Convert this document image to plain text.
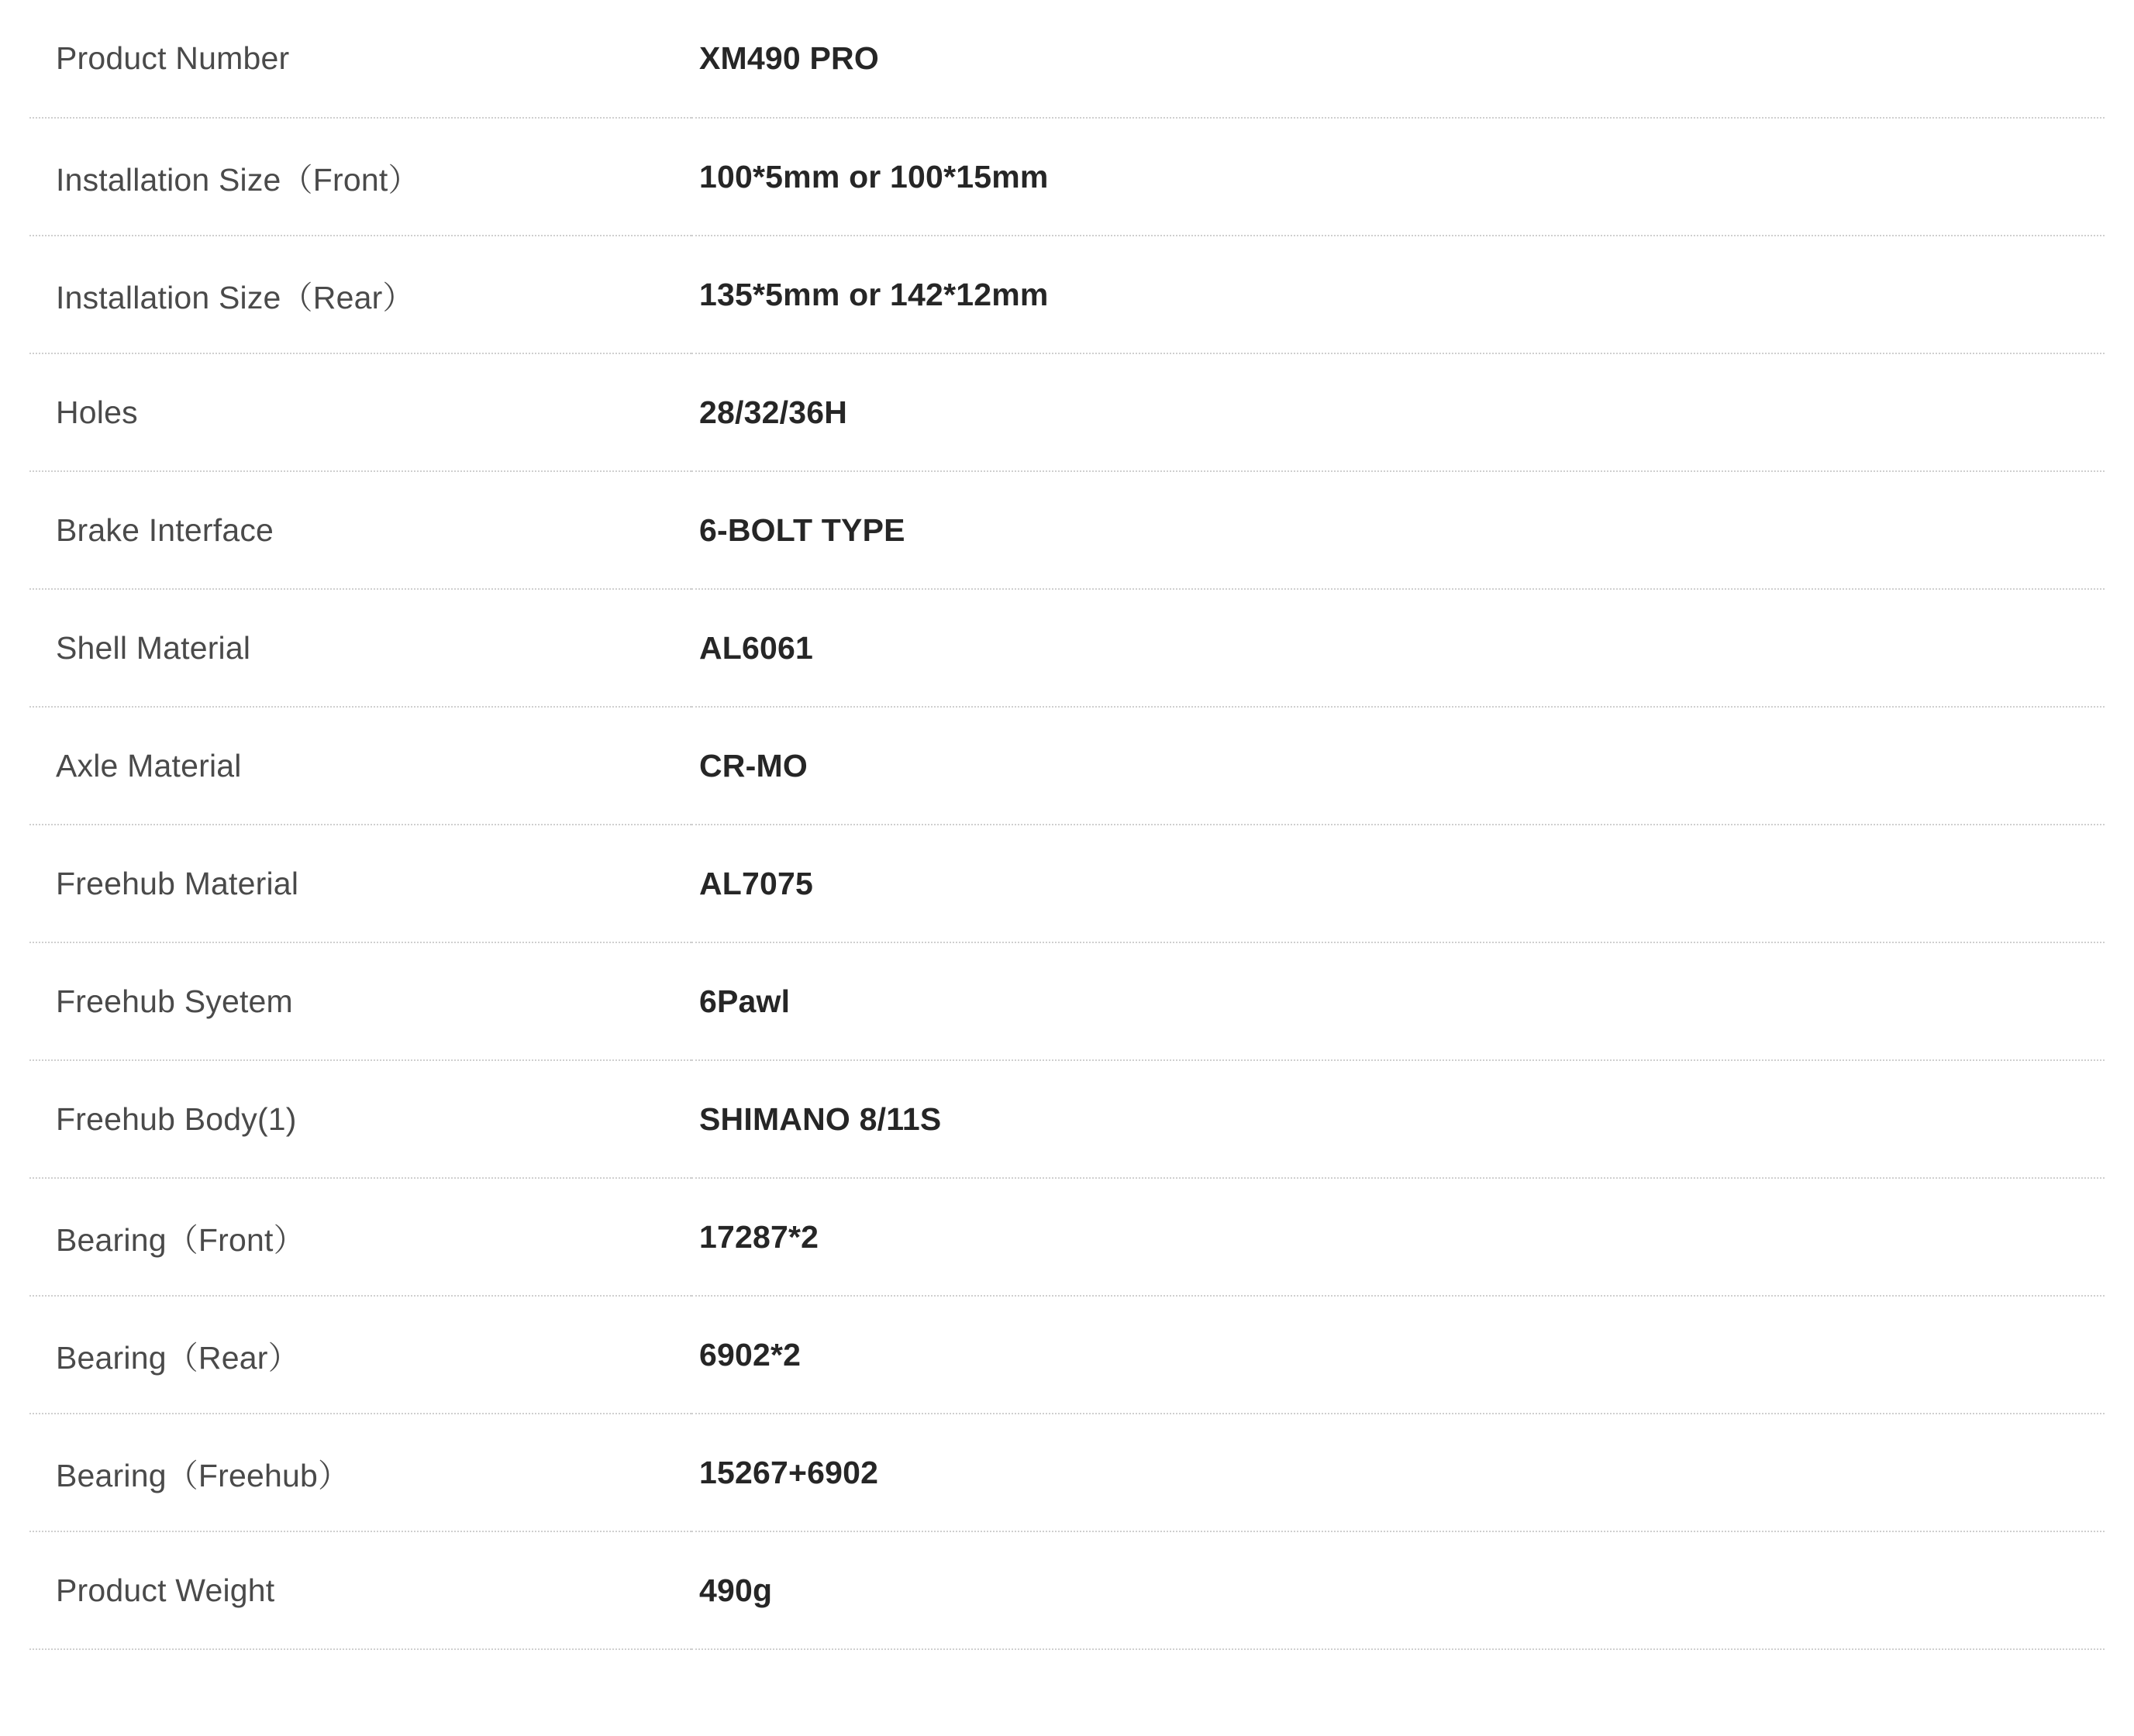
Product Number	XM490 PRO
Installation Size（Front）	100*5mm or 100*15mm
Installation Size（Rear）	135*5mm or 142*12mm
Holes	28/32/36H
Brake Interface	6-BOLT TYPE
Shell Material	AL6061
Axle Material	CR-MO
Freehub Material	AL7075
Freehub Syetem	6Pawl
Freehub Body(1)	SHIMANO 8/11S
Bearing（Front）	17287*2
Bearing（Rear）	6902*2
Bearing（Freehub）	15267+6902
Product Weight	490g
